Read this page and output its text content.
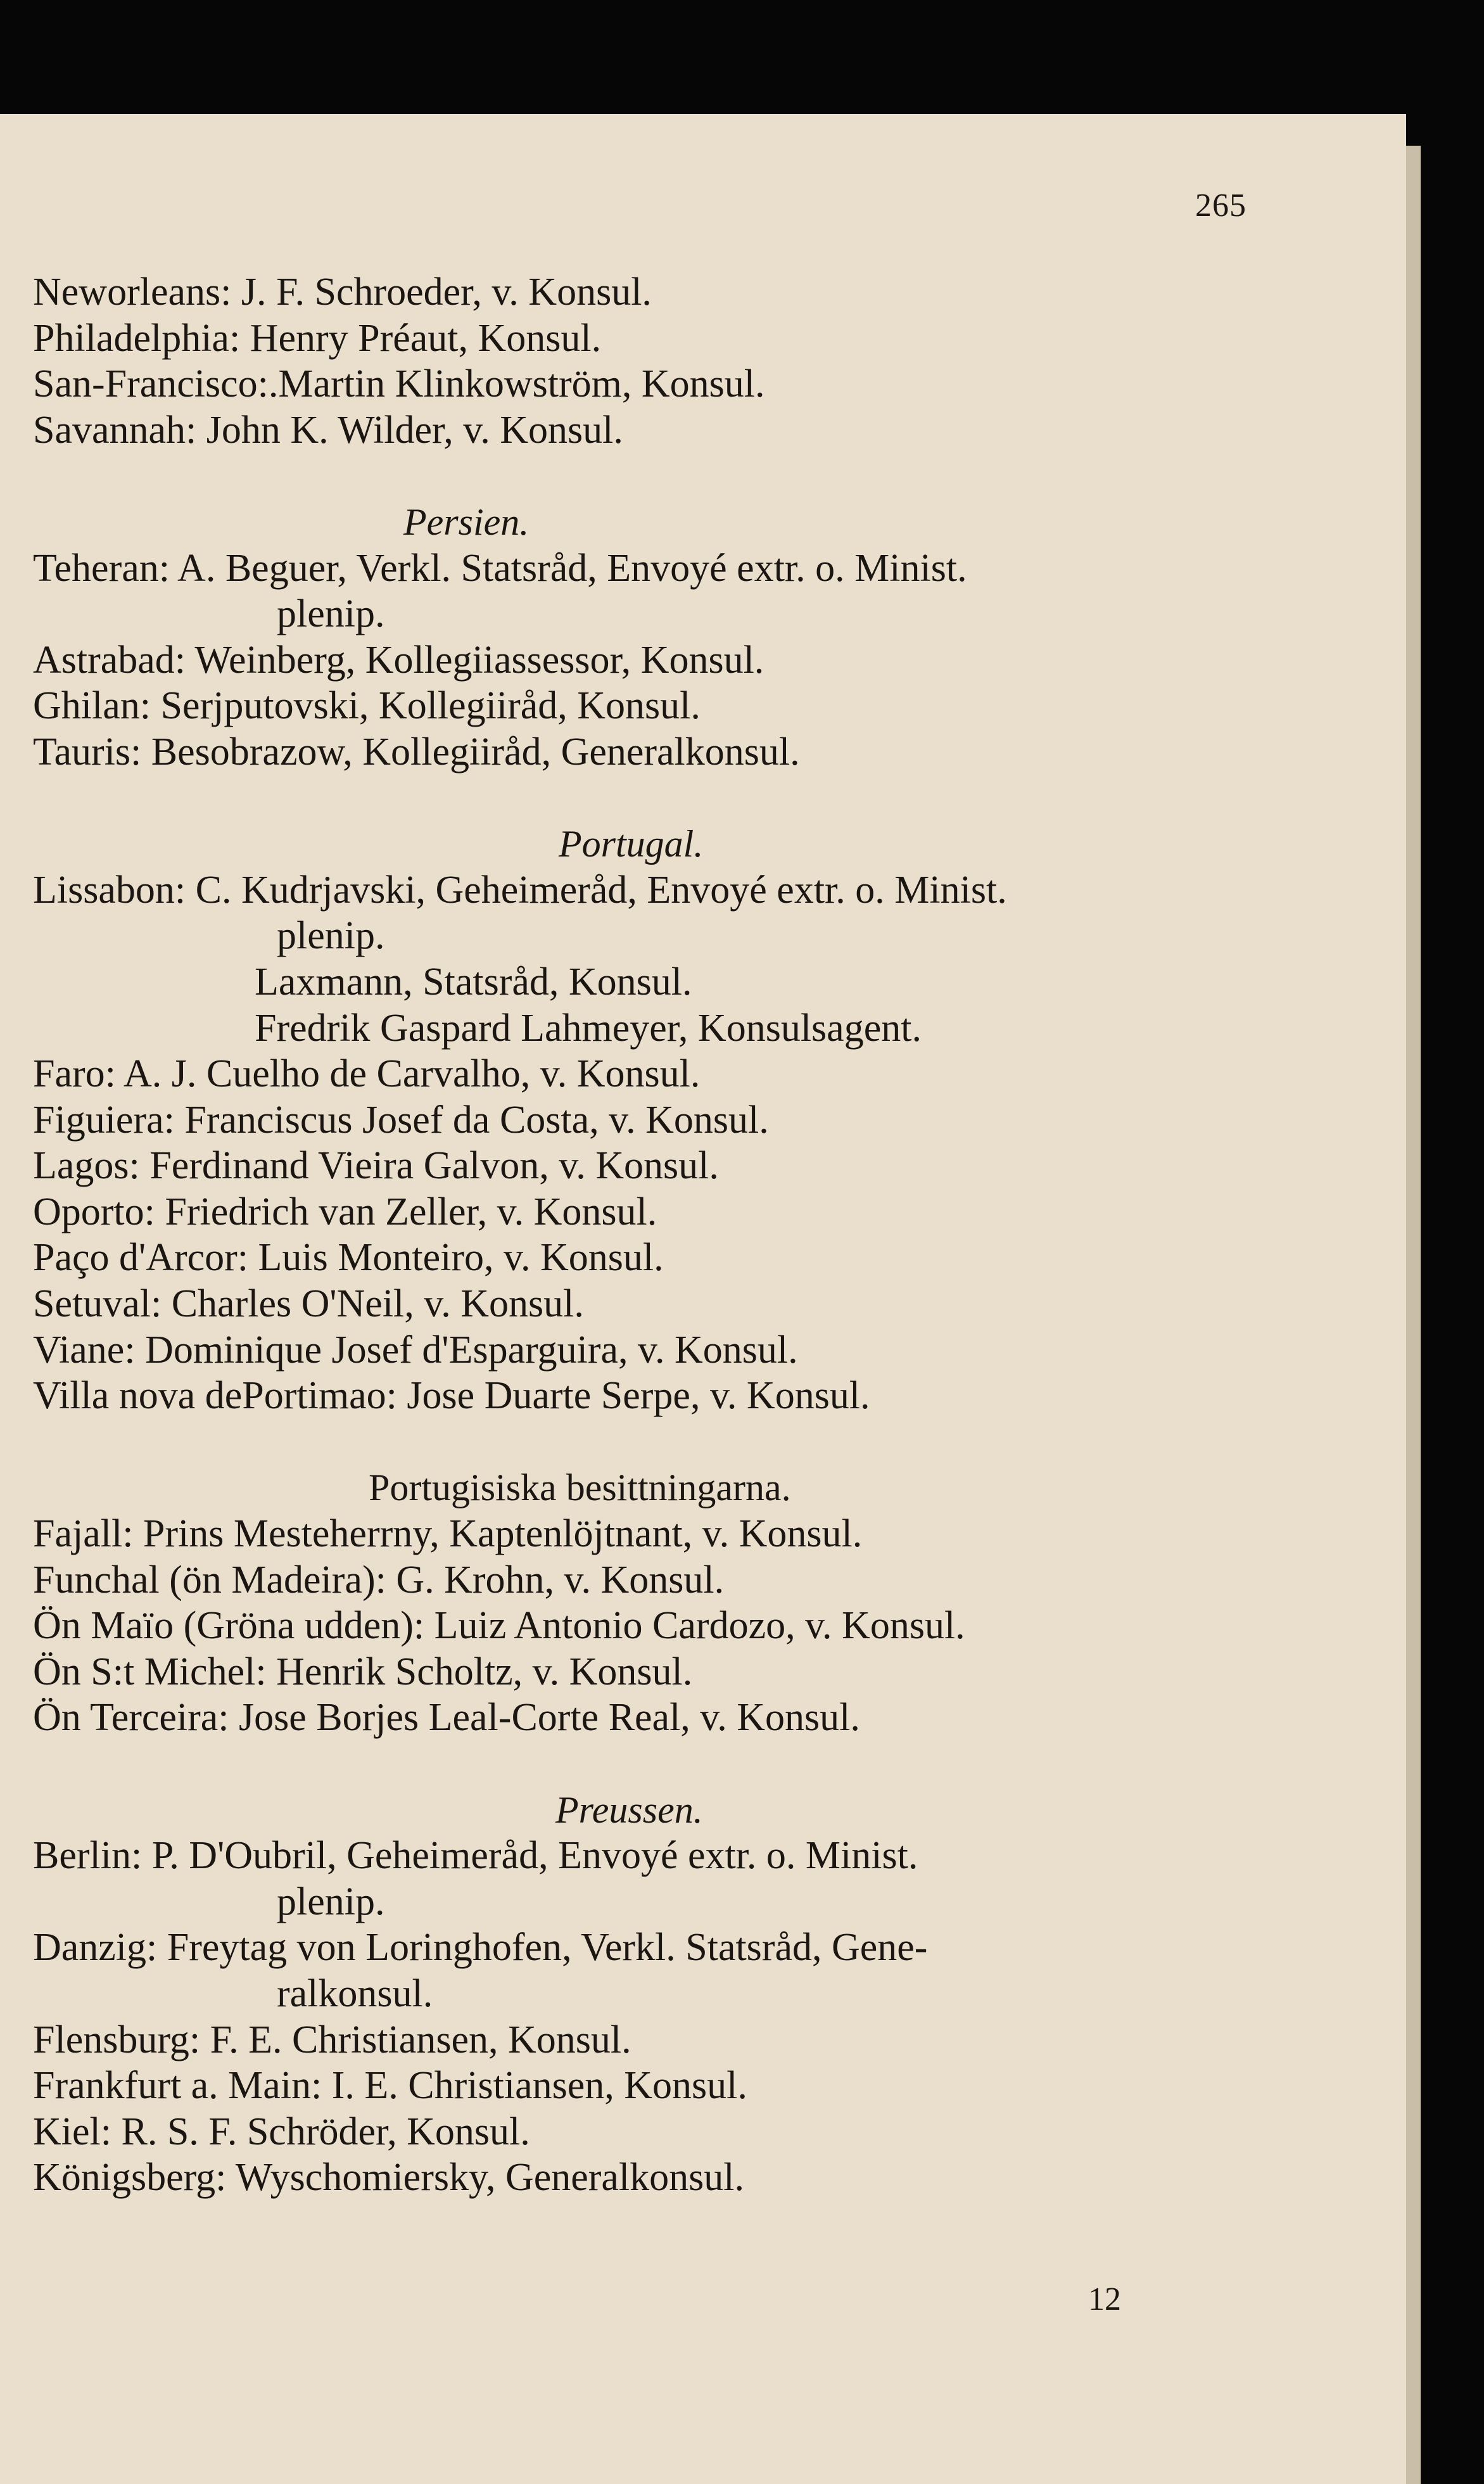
265

Neworleans: J. F. Schroeder, v. Konsul.

Philadelphia: Henry Préaut, Konsul.

San-Francisco:.Martin Klinkowström, Konsul.

Savannah: John K. Wilder, v. Konsul.

Persien.

Teheran: A. Beguer, Verkl. Statsråd, Envoyé extr. o. Minist.

plenip.

Astrabad: Weinberg, Kollegiiassessor, Konsul.

Ghilan: Serjputovski, Kollegiiråd, Konsul.

Tauris: Besobrazow, Kollegiiråd, Generalkonsul.

Portugal.

Lissabon: C. Kudrjavski, Geheimeråd, Envoyé extr. o. Minist.

plenip.

Laxmann, Statsråd, Konsul.

Fredrik Gaspard Lahmeyer, Konsulsagent.

Faro: A. J. Cuelho de Carvalho, v. Konsul.

Figuiera: Franciscus Josef da Costa, v. Konsul.

Lagos: Ferdinand Vieira Galvon, v. Konsul.

Oporto: Friedrich van Zeller, v. Konsul.

Paço d'Arcor: Luis Monteiro, v. Konsul.

Setuval: Charles O'Neil, v. Konsul.

Viane: Dominique Josef d'Esparguira, v. Konsul.

Villa nova dePortimao: Jose Duarte Serpe, v. Konsul.

Portugisiska besittningarna.

Fajall: Prins Mesteherrny, Kaptenlöjtnant, v. Konsul.

Funchal (ön Madeira): G. Krohn, v. Konsul.

Ön Maïo (Gröna udden): Luiz Antonio Cardozo, v. Konsul.

Ön S:t Michel: Henrik Scholtz, v. Konsul.

Ön Terceira: Jose Borjes Leal-Corte Real, v. Konsul.

Preussen.

Berlin: P. D'Oubril, Geheimeråd, Envoyé extr. o. Minist.

plenip.

Danzig: Freytag von Loringhofen, Verkl. Statsråd, Gene-

ralkonsul.

Flensburg: F. E. Christiansen, Konsul.

Frankfurt a. Main: I. E. Christiansen, Konsul.

Kiel: R. S. F. Schröder, Konsul.

Königsberg: Wyschomiersky, Generalkonsul.

12
